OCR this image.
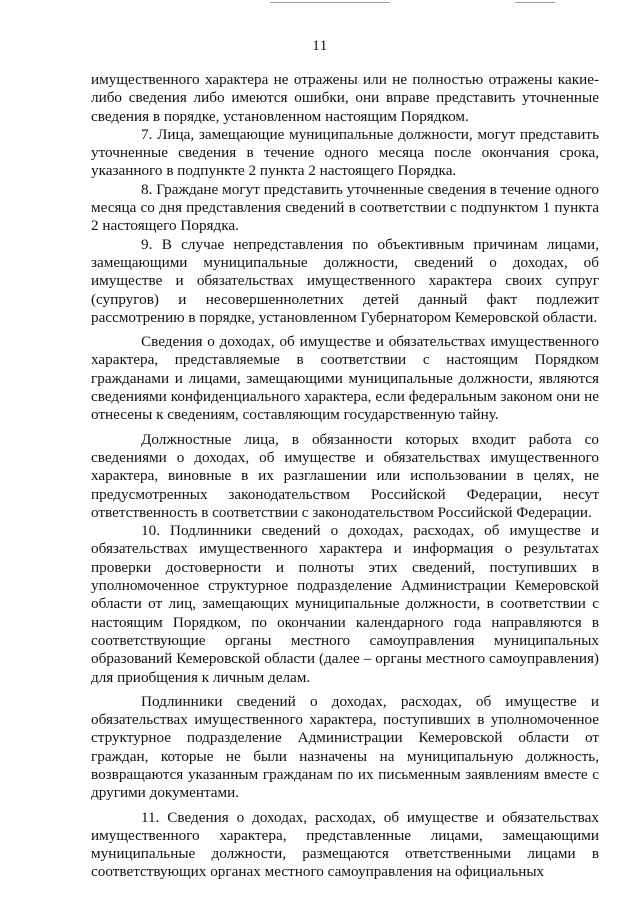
11

имущественного характера не отражены или не полностью отражены какие-либо сведения либо имеются ошибки, они вправе представить уточненные сведения в порядке, установленном настоящим Порядком.

7. Лица, замещающие муниципальные должности, могут представить уточненные сведения в течение одного месяца после окончания срока, указанного в подпункте 2 пункта 2 настоящего Порядка.

8. Граждане могут представить уточненные сведения в течение одного месяца со дня представления сведений в соответствии с подпунктом 1 пункта 2 настоящего Порядка.

9. В случае непредставления по объективным причинам лицами, замещающими муниципальные должности, сведений о доходах, об имуществе и обязательствах имущественного характера своих супруг (супругов) и несовершеннолетних детей данный факт подлежит рассмотрению в порядке, установленном Губернатором Кемеровской области.

Сведения о доходах, об имуществе и обязательствах имущественного характера, представляемые в соответствии с настоящим Порядком гражданами и лицами, замещающими муниципальные должности, являются сведениями конфиденциального характера, если федеральным законом они не отнесены к сведениям, составляющим государственную тайну.

Должностные лица, в обязанности которых входит работа со сведениями о доходах, об имуществе и обязательствах имущественного характера, виновные в их разглашении или использовании в целях, не предусмотренных законодательством Российской Федерации, несут ответственность в соответствии с законодательством Российской Федерации.

10. Подлинники сведений о доходах, расходах, об имуществе и обязательствах имущественного характера и информация о результатах проверки достоверности и полноты этих сведений, поступивших в уполномоченное структурное подразделение Администрации Кемеровской области от лиц, замещающих муниципальные должности, в соответствии с настоящим Порядком, по окончании календарного года направляются в соответствующие органы местного самоуправления муниципальных образований Кемеровской области (далее – органы местного самоуправления) для приобщения к личным делам.

Подлинники сведений о доходах, расходах, об имуществе и обязательствах имущественного характера, поступивших в уполномоченное структурное подразделение Администрации Кемеровской области от граждан, которые не были назначены на муниципальную должность, возвращаются указанным гражданам по их письменным заявлениям вместе с другими документами.

11. Сведения о доходах, расходах, об имуществе и обязательствах имущественного характера, представленные лицами, замещающими муниципальные должности, размещаются ответственными лицами в соответствующих органах местного самоуправления на официальных
